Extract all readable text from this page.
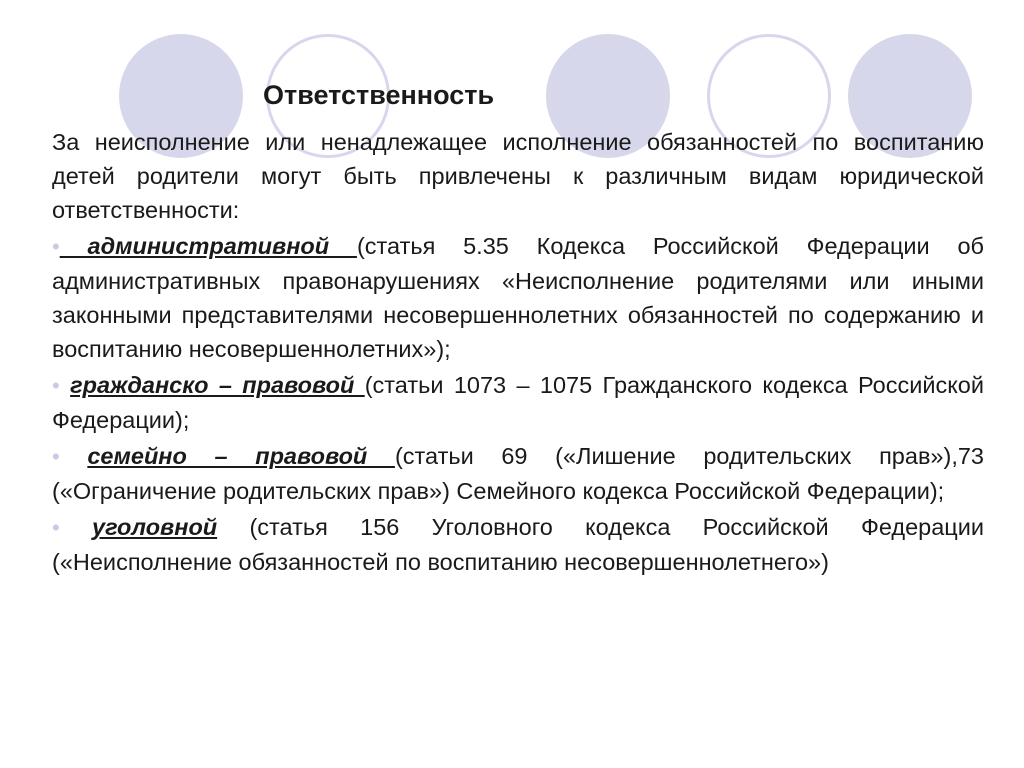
Ответственность

За неисполнение или ненадлежащее исполнение обязанностей по воспитанию детей родители могут быть привлечены к различным видам юридической ответственности:

• административной (статья 5.35 Кодекса Российской Федерации об административных правонарушениях «Неисполнение родителями или иными законными представителями несовершеннолетних обязанностей по содержанию и воспитанию несовершеннолетних»);

• гражданско – правовой (статьи 1073 – 1075 Гражданского кодекса Российской Федерации);

• семейно – правовой (статьи 69 («Лишение родительских прав»),73 («Ограничение родительских прав») Семейного кодекса Российской Федерации);

• уголовной (статья 156 Уголовного кодекса Российской Федерации («Неисполнение обязанностей по воспитанию несовершеннолетнего»)
